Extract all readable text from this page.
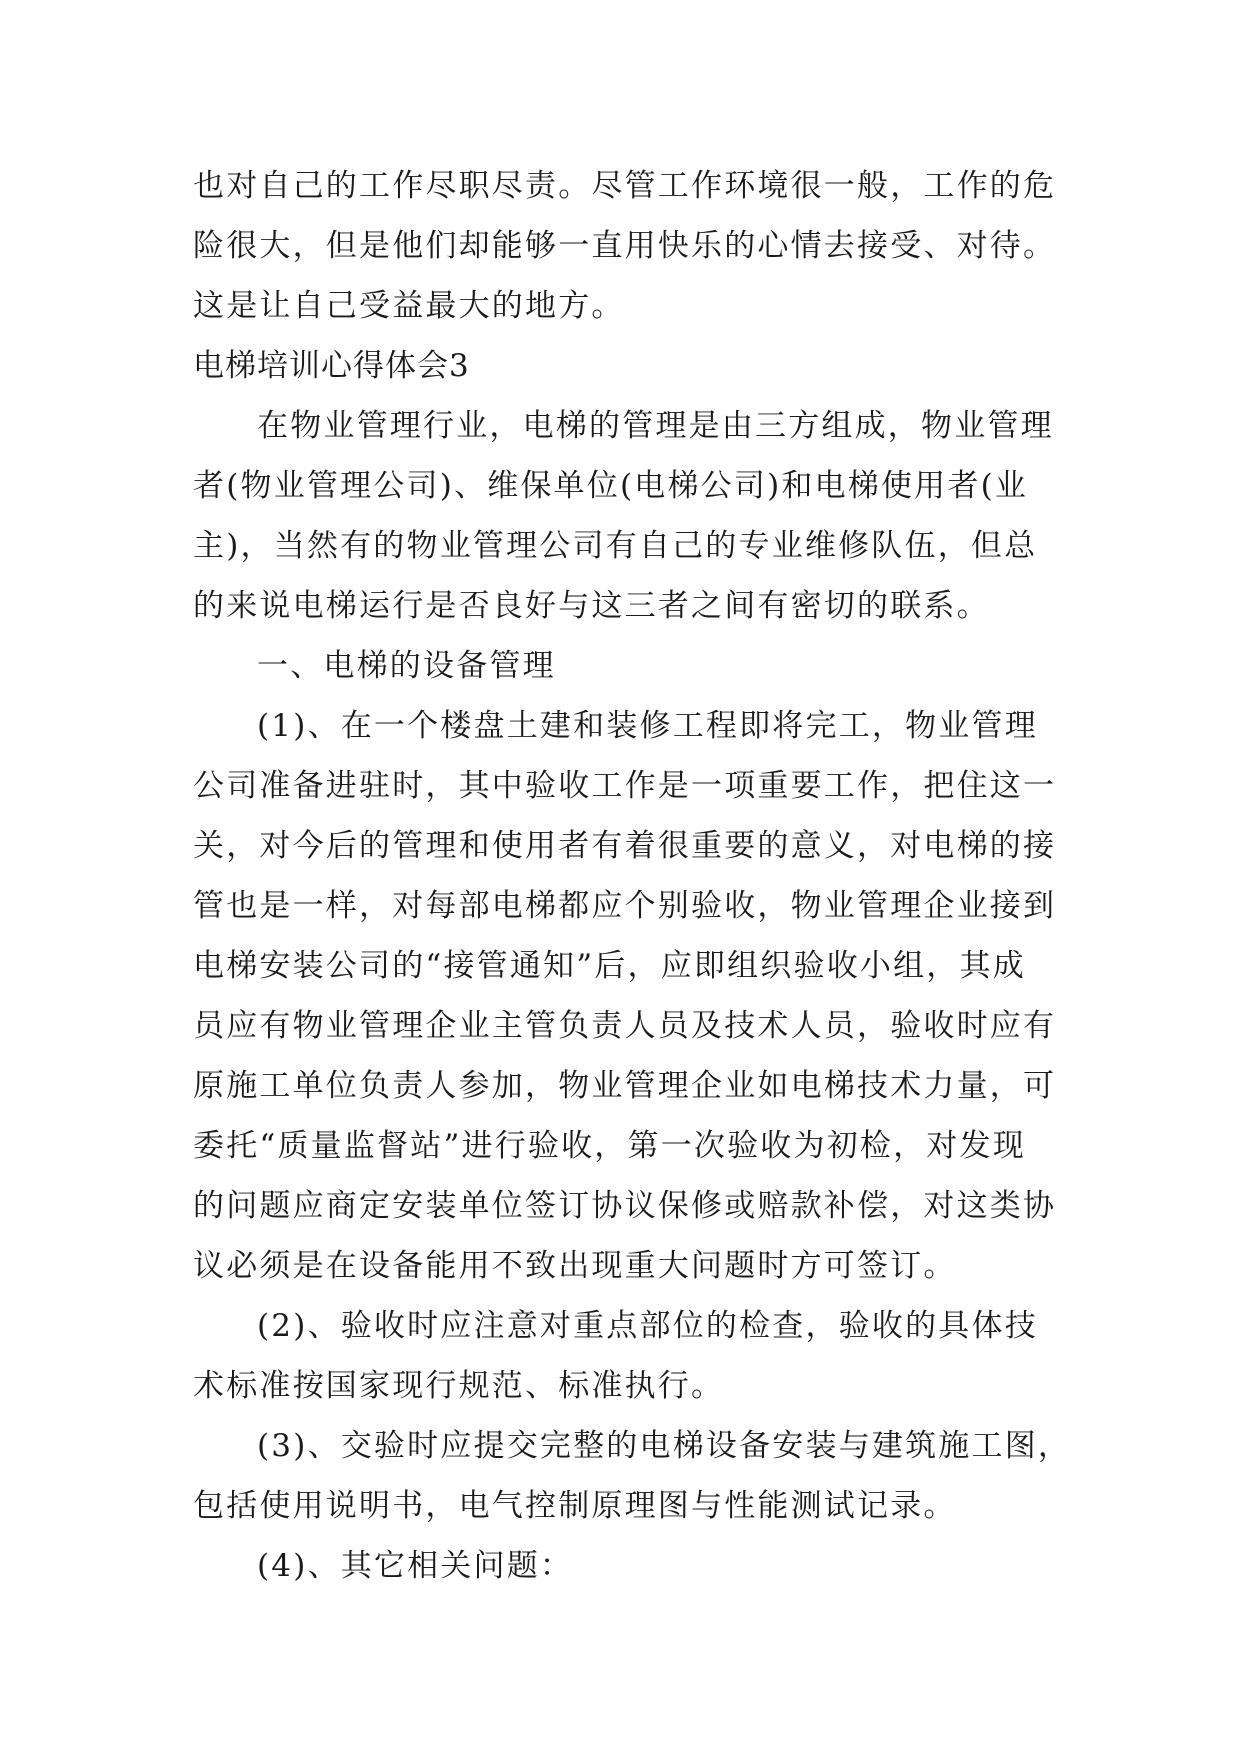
也对自己的工作尽职尽责。尽管工作环境很一般，工作的危
险很大，但是他们却能够一直用快乐的心情去接受、对待。
这是让自己受益最大的地方。
电梯培训心得体会3
在物业管理行业，电梯的管理是由三方组成，物业管理
者(物业管理公司)、维保单位(电梯公司)和电梯使用者(业
主)，当然有的物业管理公司有自己的专业维修队伍，但总
的来说电梯运行是否良好与这三者之间有密切的联系。
一、电梯的设备管理
(1)、在一个楼盘土建和装修工程即将完工，物业管理
公司准备进驻时，其中验收工作是一项重要工作，把住这一
关，对今后的管理和使用者有着很重要的意义，对电梯的接
管也是一样，对每部电梯都应个别验收，物业管理企业接到
电梯安装公司的“接管通知”后，应即组织验收小组，其成
员应有物业管理企业主管负责人员及技术人员，验收时应有
原施工单位负责人参加，物业管理企业如电梯技术力量，可
委托“质量监督站”进行验收，第一次验收为初检，对发现
的问题应商定安装单位签订协议保修或赔款补偿，对这类协
议必须是在设备能用不致出现重大问题时方可签订。
(2)、验收时应注意对重点部位的检查，验收的具体技
术标准按国家现行规范、标准执行。
(3)、交验时应提交完整的电梯设备安装与建筑施工图，
包括使用说明书，电气控制原理图与性能测试记录。
(4)、其它相关问题：
